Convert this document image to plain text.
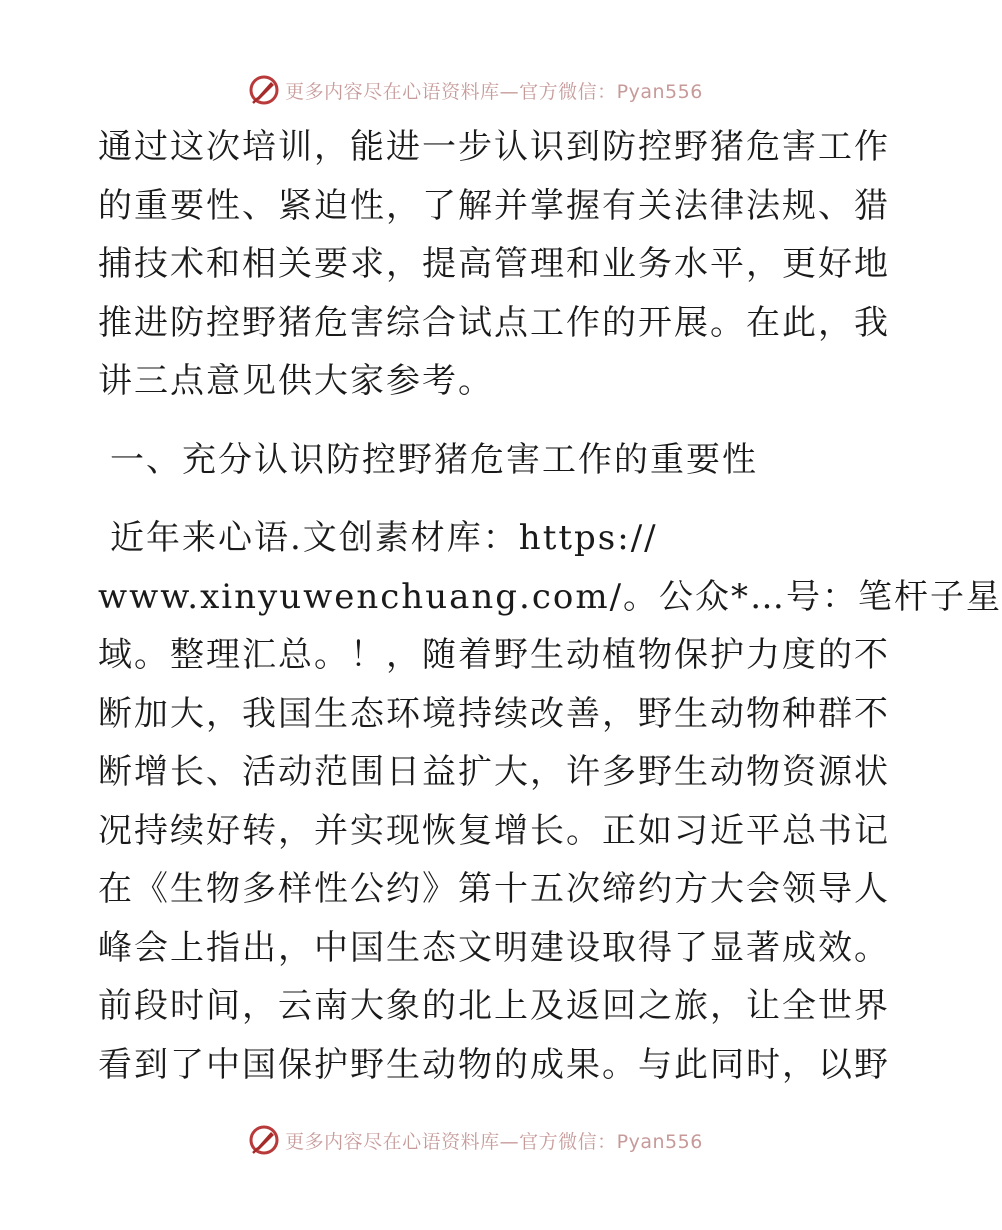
更多内容尽在心语资料库—官方微信：Pyan556
通过这次培训，能进一步认识到防控野猪危害工作
的重要性、紧迫性，了解并掌握有关法律法规、猎
捕技术和相关要求，提高管理和业务水平，更好地
推进防控野猪危害综合试点工作的开展。在此，我
讲三点意见供大家参考。
一、充分认识防控野猪危害工作的重要性
近年来心语.文创素材库：https://
www.xinyuwenchuang.com/。公众*…号：笔杆子星
域。整理汇总。！，随着野生动植物保护力度的不
断加大，我国生态环境持续改善，野生动物种群不
断增长、活动范围日益扩大，许多野生动物资源状
况持续好转，并实现恢复增长。正如习近平总书记
在《生物多样性公约》第十五次缔约方大会领导人
峰会上指出，中国生态文明建设取得了显著成效。
前段时间，云南大象的北上及返回之旅，让全世界
看到了中国保护野生动物的成果。与此同时，以野
更多内容尽在心语资料库—官方微信：Pyan556
